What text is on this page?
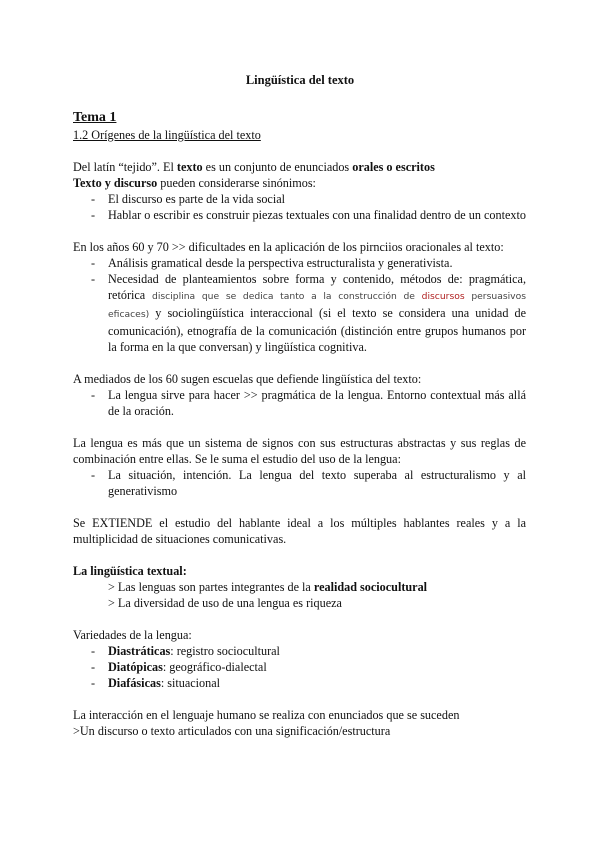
Lingüística del texto
Tema 1
1.2 Orígenes de la lingüística del texto

Del latín “tejido”. El texto es un conjunto de enunciados orales o escritos

Texto y discurso pueden considerarse sinónimos:

- El discurso es parte de la vida social
- Hablar o escribir es construir piezas textuales con una finalidad dentro de un contexto

En los años 60 y 70 >> dificultades en la aplicación de los pirnciios oracionales al texto:

- Análisis gramatical desde la perspectiva estructuralista y generativista.
- Necesidad de planteamientos sobre forma y contenido, métodos de: pragmática, retórica disciplina que se dedica tanto a la construcción de discursos persuasivos eficaces) y sociolingüística interaccional (si el texto se considera una unidad de comunicación), etnografía de la comunicación (distinción entre grupos humanos por la forma en la que conversan) y lingüística cognitiva.

A mediados de los 60 sugen escuelas que defiende lingüística del texto:

- La lengua sirve para hacer >> pragmática de la lengua. Entorno contextual más allá de la oración.

La lengua es más que un sistema de signos con sus estructuras abstractas y sus reglas de combinación entre ellas. Se le suma el estudio del uso de la lengua:

- La situación, intención. La lengua del texto superaba al estructuralismo y al generativismo

Se EXTIENDE el estudio del hablante ideal a los múltiples hablantes reales y a la multiplicidad de situaciones comunicativas.

La lingüística textual:

> Las lenguas son partes integrantes de la realidad sociocultural

> La diversidad de uso de una lengua es riqueza

Variedades de la lengua:

- Diastráticas: registro sociocultural
- Diatópicas: geográfico-dialectal
- Diafásicas: situacional

La interacción en el lenguaje humano se realiza con enunciados que se suceden

>Un discurso o texto articulados con una significación/estructura
